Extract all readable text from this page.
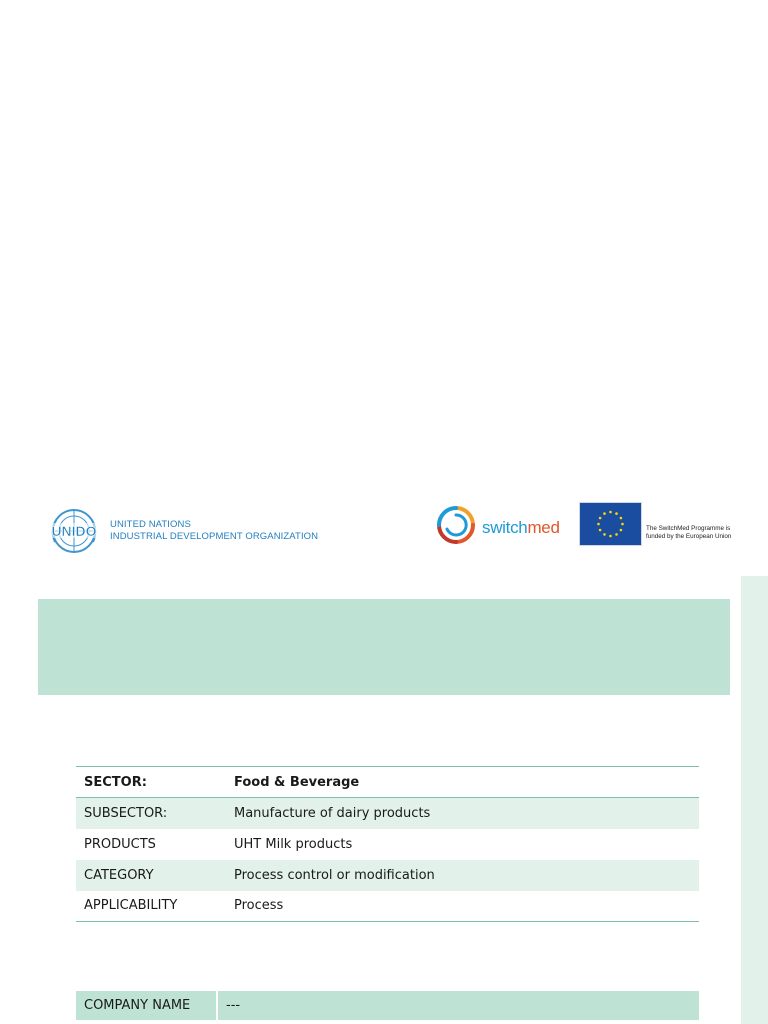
UNIDO UNITED NATIONS
INDUSTRIAL DEVELOPMENT ORGANIZATION	switchmed	The SwitchMed Programme is
funded by the European Union
SECTOR:	Food & Beverage
SUBSECTOR:	Manufacture of dairy products
PRODUCTS	UHT Milk products
CATEGORY	Process control or modification
APPLICABILITY	Process
COMPANY NAME	---
